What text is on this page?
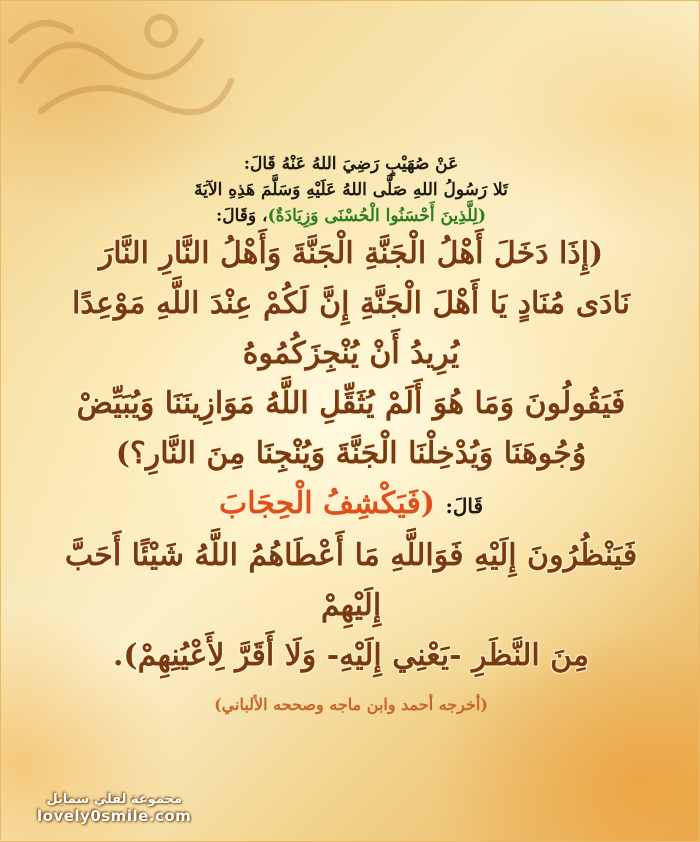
عَنْ صُهَيْبٍ رَضِيَ اللهُ عَنْهُ قَالَ:

تَلا رَسُولُ اللهِ صَلَّى اللهُ عَلَيْهِ وَسَلَّمَ هَذِهِ الآيَةَ

(لِلَّذِينَ أَحْسَنُوا الْحُسْنَى وَزِيَادَةٌ)، وَقَالَ:

(إِذَا دَخَلَ أَهْلُ الْجَنَّةِ الْجَنَّةَ وَأَهْلُ النَّارِ النَّارَ

نَادَى مُنَادٍ يَا أَهْلَ الْجَنَّةِ إِنَّ لَكُمْ عِنْدَ اللَّهِ مَوْعِدًا

يُرِيدُ أَنْ يُنْجِزَكُمُوهُ

فَيَقُولُونَ وَمَا هُوَ أَلَمْ يُثَقِّلِ اللَّهُ مَوَازِينَنَا وَيُبَيِّضْ

وُجُوهَنَا وَيُدْخِلْنَا الْجَنَّةَ وَيُنْجِنَا مِنَ النَّارِ؟)

قَالَ: (فَيَكْشِفُ الْحِجَابَ

فَيَنْظُرُونَ إِلَيْهِ فَوَاللَّهِ مَا أَعْطَاهُمُ اللَّهُ شَيْئًا أَحَبَّ إِلَيْهِمْ

مِنَ النَّظَرِ -يَعْنِي إِلَيْهِ- وَلَا أَقَرَّ لِأَعْيُنِهِمْ).

(أخرجه أحمد وابن ماجه وصححه الألباني)
مجموعة لفلي سمايل
lovely0smile.com
